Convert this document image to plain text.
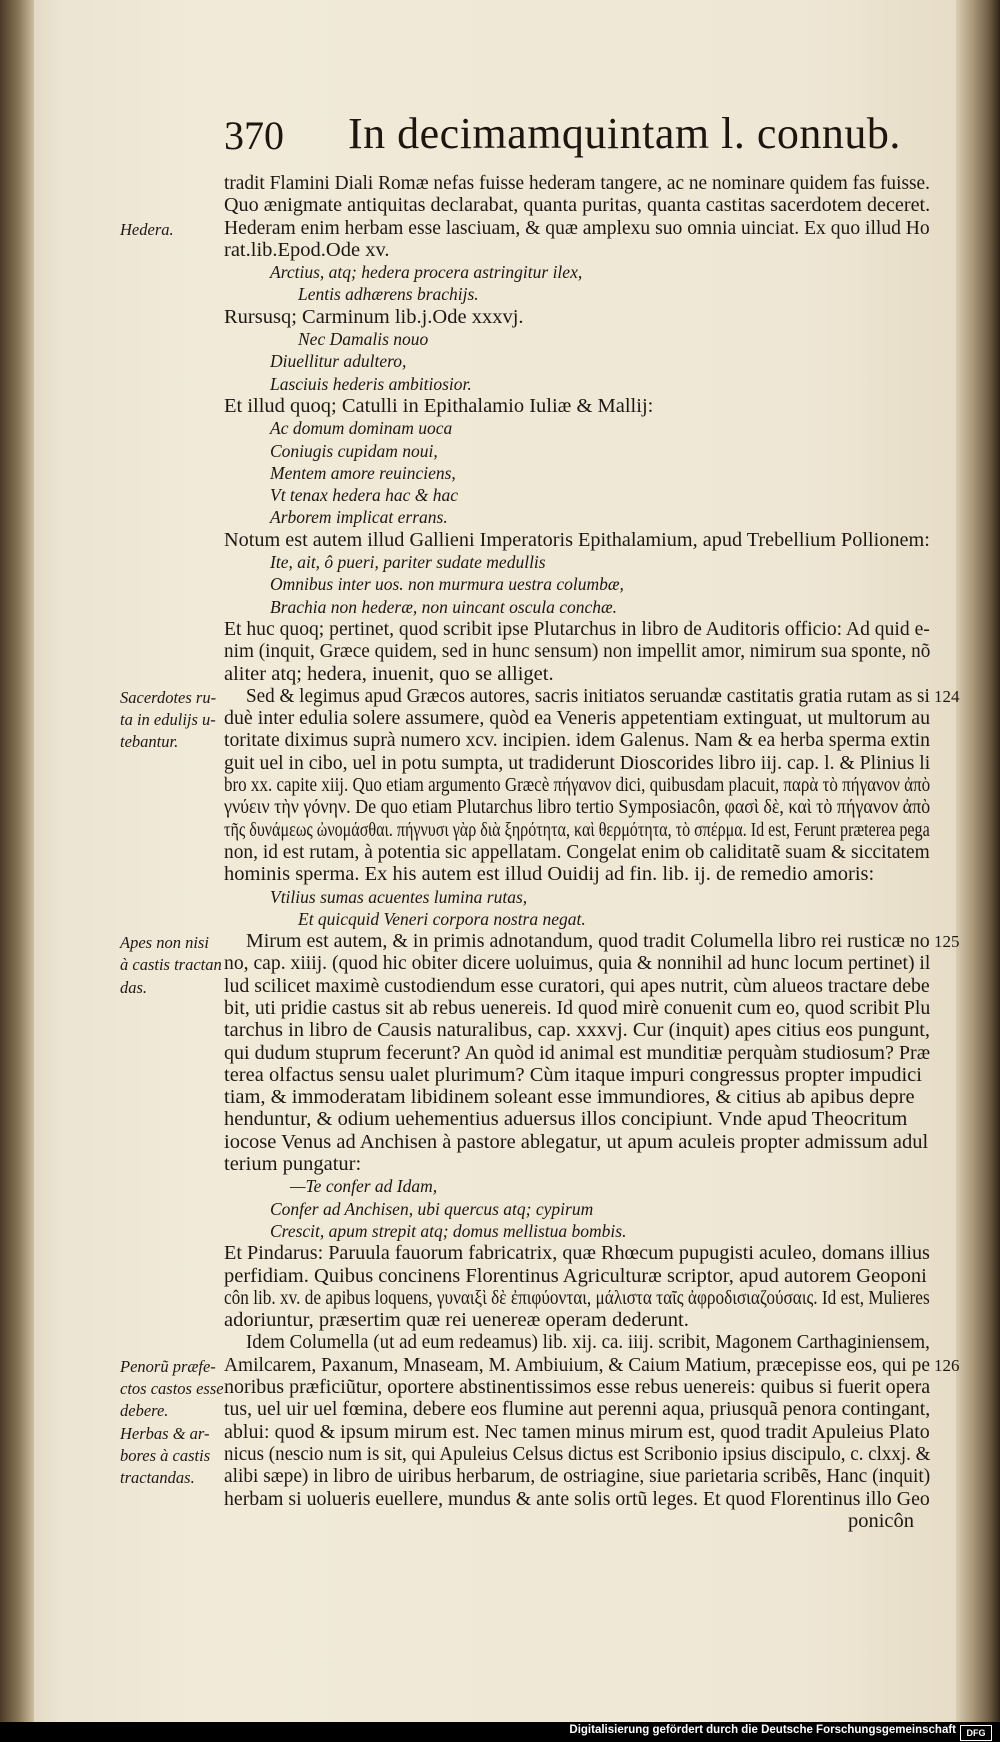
370 In decimamquintam l. connub.
tradit Flamini Diali Romæ nefas fuisse hederam tangere, ac ne nominare quidem fas fuisse.
Quo ænigmate antiquitas declarabat, quanta puritas, quanta castitas sacerdotem deceret.
Hederam enim herbam esse lasciuam, & quæ amplexu suo omnia uinciat. Ex quo illud Ho
rat.lib.Epod.Ode xv.
Arctius, atq; hedera procera astringitur ilex,
Lentis adhærens brachijs.
Rursusq; Carminum lib.j.Ode xxxvj.
Nec Damalis nouo
Diuellitur adultero,
Lasciuis hederis ambitiosior.
Et illud quoq; Catulli in Epithalamio Iuliæ & Mallij:
Ac domum dominam uoca
Coniugis cupidam noui,
Mentem amore reuinciens,
Vt tenax hedera hac & hac
Arborem implicat errans.
Notum est autem illud Gallieni Imperatoris Epithalamium, apud Trebellium Pollionem:
Ite, ait, ô pueri, pariter sudate medullis
Omnibus inter uos. non murmura uestra columbæ,
Brachia non hederæ, non uincant oscula conchæ.
Et huc quoq; pertinet, quod scribit ipse Plutarchus in libro de Auditoris officio: Ad quid e-
nim (inquit, Græce quidem, sed in hunc sensum) non impellit amor, nimirum sua sponte, nõ
aliter atq; hedera, inuenit, quo se alliget.
Sed & legimus apud Græcos autores, sacris initiatos seruandæ castitatis gratia rutam as si
duè inter edulia solere assumere, quòd ea Veneris appetentiam extinguat, ut multorum au
toritate diximus suprà numero xcv. incipien. idem Galenus. Nam & ea herba sperma extin
guit uel in cibo, uel in potu sumpta, ut tradiderunt Dioscorides libro iij. cap. l. & Plinius li
bro xx. capite xiij. Quo etiam argumento Græcè πήγανον dici, quibusdam placuit, παρὰ τὸ πήγανον ἀπὸ
γνύειν τὴν γόνην. De quo etiam Plutarchus libro tertio Symposiacôn, φασὶ δὲ, καὶ τὸ πήγανον ἀπὸ
τῆς δυνάμεως ὠνομάσθαι. πήγνυσι γὰρ διὰ ξηρότητα, καὶ θερμότητα, τὸ σπέρμα. Id est, Ferunt præterea pega
non, id est rutam, à potentia sic appellatam. Congelat enim ob caliditatẽ suam & siccitatem
hominis sperma. Ex his autem est illud Ouidij ad fin. lib. ij. de remedio amoris:
Vtilius sumas acuentes lumina rutas,
Et quicquid Veneri corpora nostra negat.
Mirum est autem, & in primis adnotandum, quod tradit Columella libro rei rusticæ no
no, cap. xiiij. (quod hic obiter dicere uoluimus, quia & nonnihil ad hunc locum pertinet) il
lud scilicet maximè custodiendum esse curatori, qui apes nutrit, cùm alueos tractare debe
bit, uti pridie castus sit ab rebus uenereis. Id quod mirè conuenit cum eo, quod scribit Plu
tarchus in libro de Causis naturalibus, cap. xxxvj. Cur (inquit) apes citius eos pungunt,
qui dudum stuprum fecerunt? An quòd id animal est munditiæ perquàm studiosum? Præ
terea olfactus sensu ualet plurimum? Cùm itaque impuri congressus propter impudici
tiam, & immoderatam libidinem soleant esse immundiores, & citius ab apibus depre
henduntur, & odium uehementius aduersus illos concipiunt. Vnde apud Theocritum
iocose Venus ad Anchisen à pastore ablegatur, ut apum aculeis propter admissum adul
terium pungatur:
—Te confer ad Idam,
Confer ad Anchisen, ubi quercus atq; cypirum
Crescit, apum strepit atq; domus mellistua bombis.
Et Pindarus: Paruula fauorum fabricatrix, quæ Rhœcum pupugisti aculeo, domans illius
perfidiam. Quibus concinens Florentinus Agriculturæ scriptor, apud autorem Geoponi
côn lib. xv. de apibus loquens, γυναιξὶ δὲ ἐπιφύονται, μάλιστα ταῖς ἀφροδισιαζούσαις. Id est, Mulieres
adoriuntur, præsertim quæ rei uenereæ operam dederunt.
Idem Columella (ut ad eum redeamus) lib. xij. ca. iiij. scribit, Magonem Carthaginiensem,
Amilcarem, Paxanum, Mnaseam, M. Ambiuium, & Caium Matium, præcepisse eos, qui pe
noribus præficiũtur, oportere abstinentissimos esse rebus uenereis: quibus si fuerit opera
tus, uel uir uel fœmina, debere eos flumine aut perenni aqua, priusquã penora contingant,
ablui: quod & ipsum mirum est. Nec tamen minus mirum est, quod tradit Apuleius Plato
nicus (nescio num is sit, qui Apuleius Celsus dictus est Scribonio ipsius discipulo, c. clxxj. &
alibi sæpe) in libro de uiribus herbarum, de ostriagine, siue parietaria scribẽs, Hanc (inquit)
herbam si uolueris euellere, mundus & ante solis ortũ leges. Et quod Florentinus illo Geo
ponicôn
Hedera.
Sacerdotes ru-
ta in edulijs u-
tebantur.
Apes non nisi
à castis tractan
das.
Penorũ præfe-
ctos castos esse
debere.
Herbas & ar-
bores à castis
tractandas.
124
125
126
Digitalisierung gefördert durch die Deutsche Forschungsgemeinschaft	DFG
